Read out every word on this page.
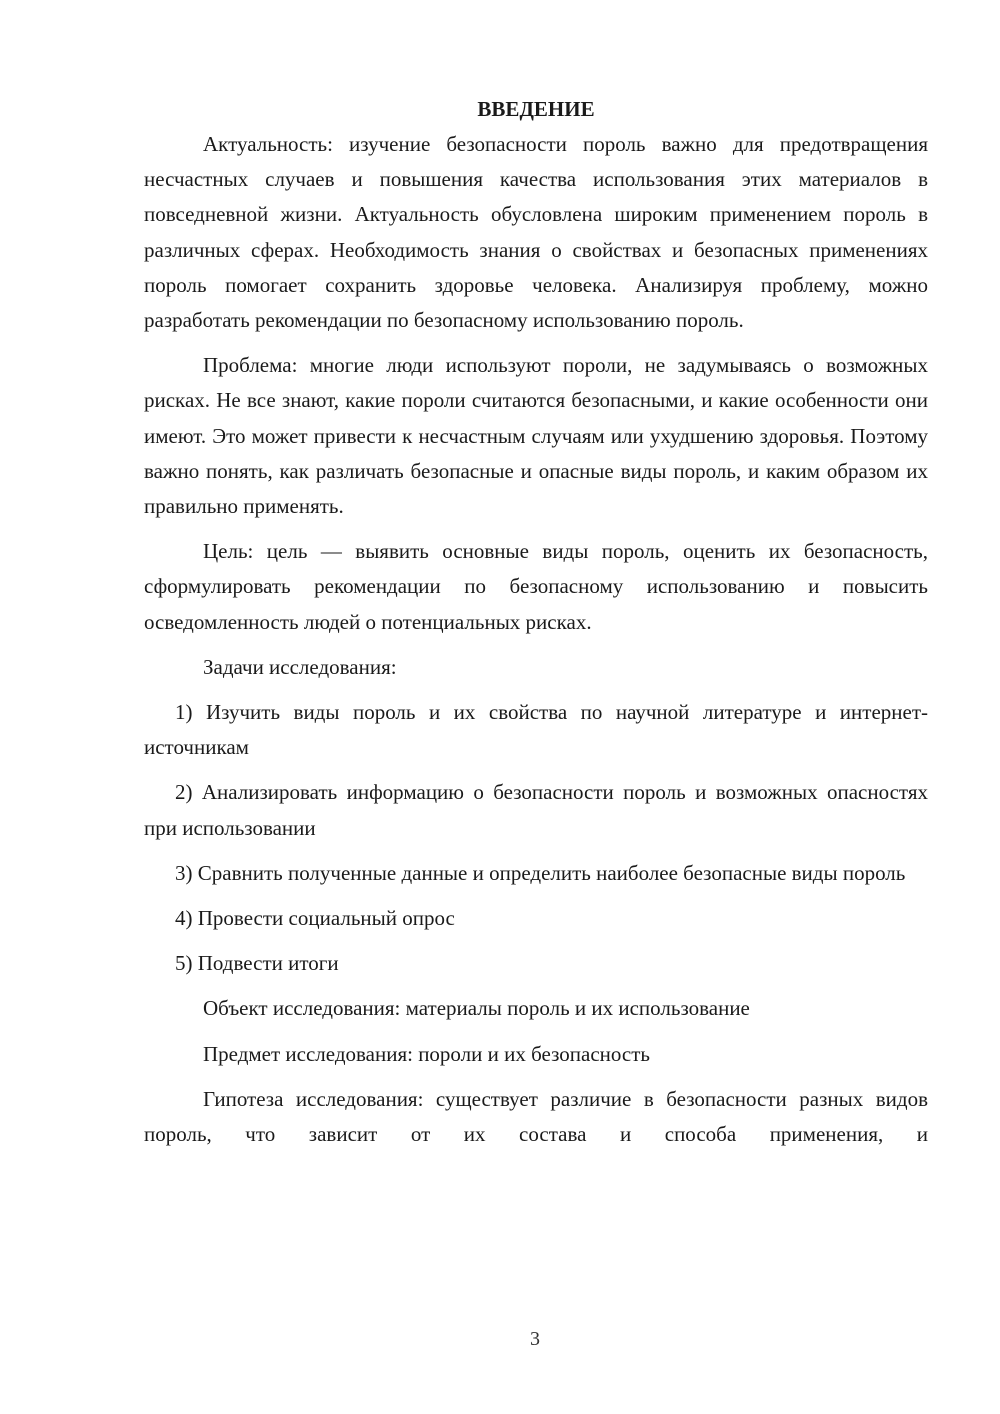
ВВЕДЕНИЕ

Актуальность: изучение безопасности пороль важно для предотвращения несчастных случаев и повышения качества использования этих материалов в повседневной жизни. Актуальность обусловлена широким применением пороль в различных сферах. Необходимость знания о свойствах и безопасных применениях пороль помогает сохранить здоровье человека. Анализируя проблему, можно разработать рекомендации по безопасному использованию пороль.

Проблема: многие люди используют пороли, не задумываясь о возможных рисках. Не все знают, какие пороли считаются безопасными, и какие особенности они имеют. Это может привести к несчастным случаям или ухудшению здоровья. Поэтому важно понять, как различать безопасные и опасные виды пороль, и каким образом их правильно применять.

Цель: цель — выявить основные виды пороль, оценить их безопасность, сформулировать рекомендации по безопасному использованию и повысить осведомленность людей о потенциальных рисках.

Задачи исследования:

1) Изучить виды пороль и их свойства по научной литературе и интернет-источникам

2) Анализировать информацию о безопасности пороль и возможных опасностях при использовании

3) Сравнить полученные данные и определить наиболее безопасные виды пороль

4) Провести социальный опрос

5) Подвести итоги

Объект исследования: материалы пороль и их использование

Предмет исследования: пороли и их безопасность

Гипотеза исследования: существует различие в безопасности разных видов пороль, что зависит от их состава и способа применения, и

3
